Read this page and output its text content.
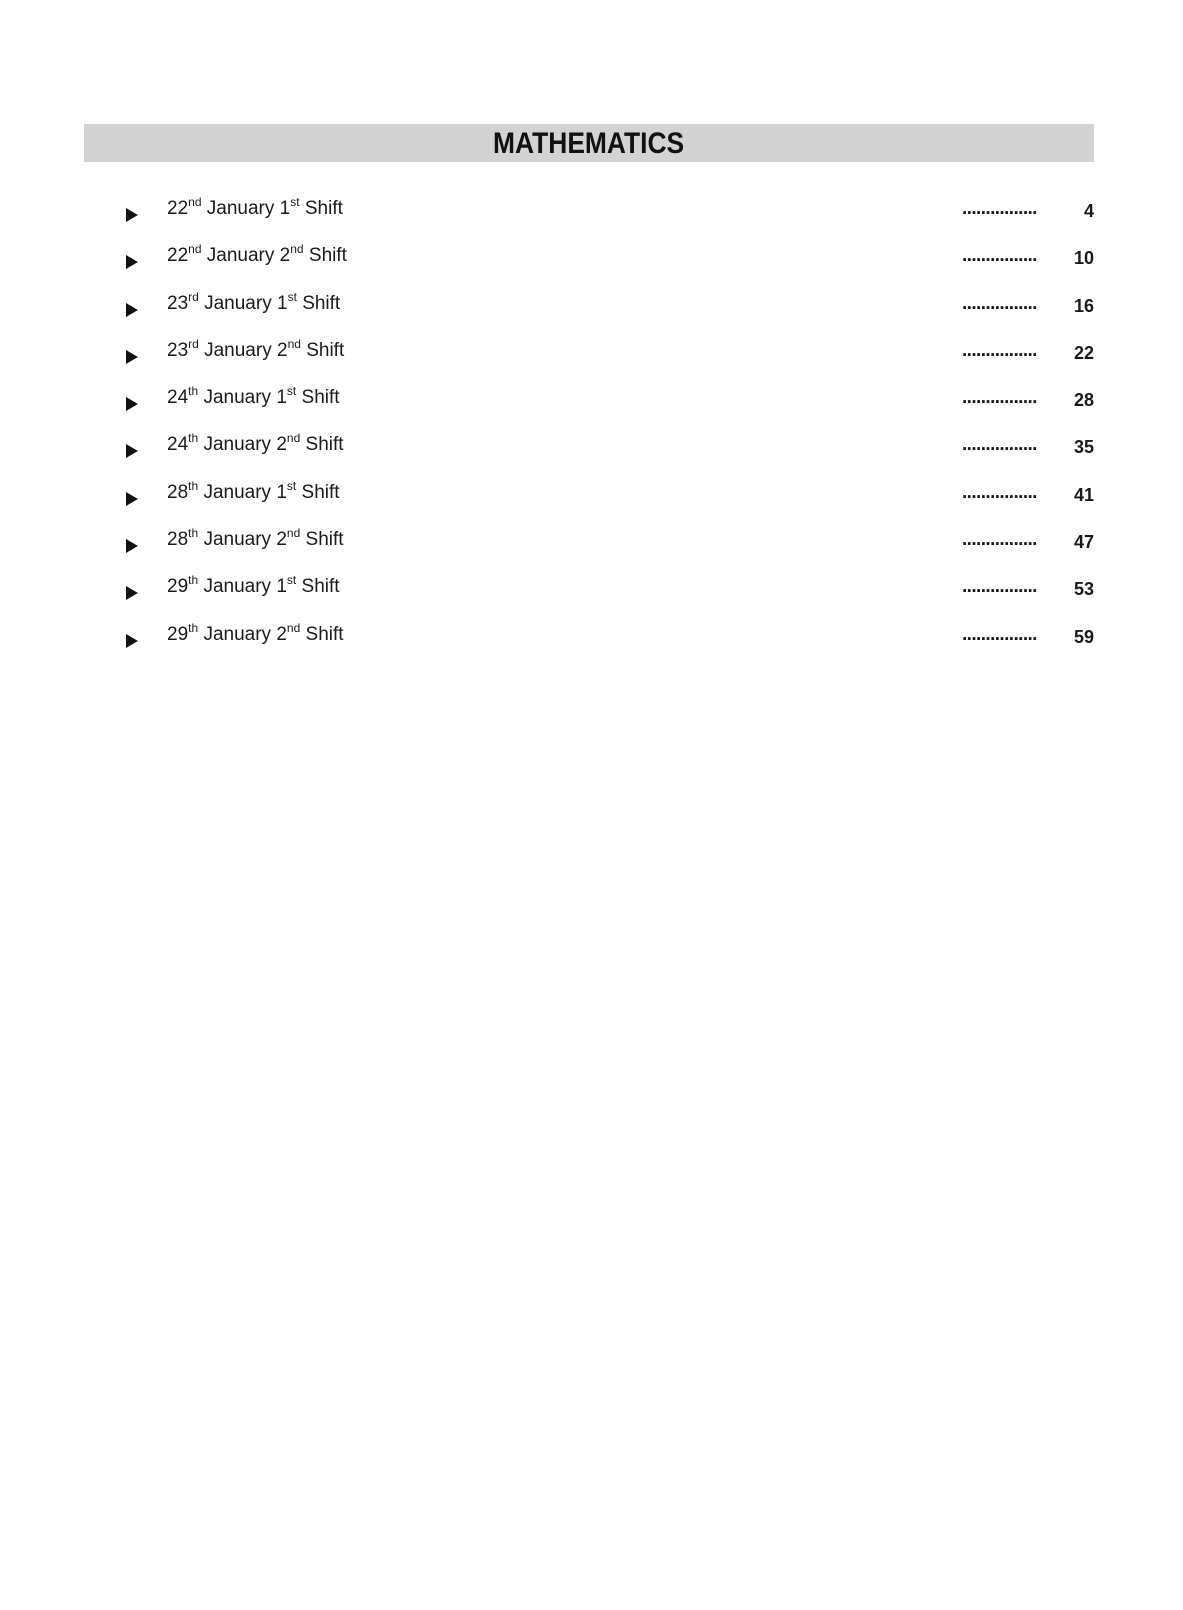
MATHEMATICS
22nd January 1st Shift	................	4
22nd January 2nd Shift	................ 10
23rd January 1st Shift	................ 16
23rd January 2nd Shift	................ 22
24th January 1st Shift	................ 28
24th January 2nd Shift	................ 35
28th January 1st Shift	................ 41
28th January 2nd Shift	................ 47
29th January 1st Shift	................ 53
29th January 2nd Shift	................ 59
